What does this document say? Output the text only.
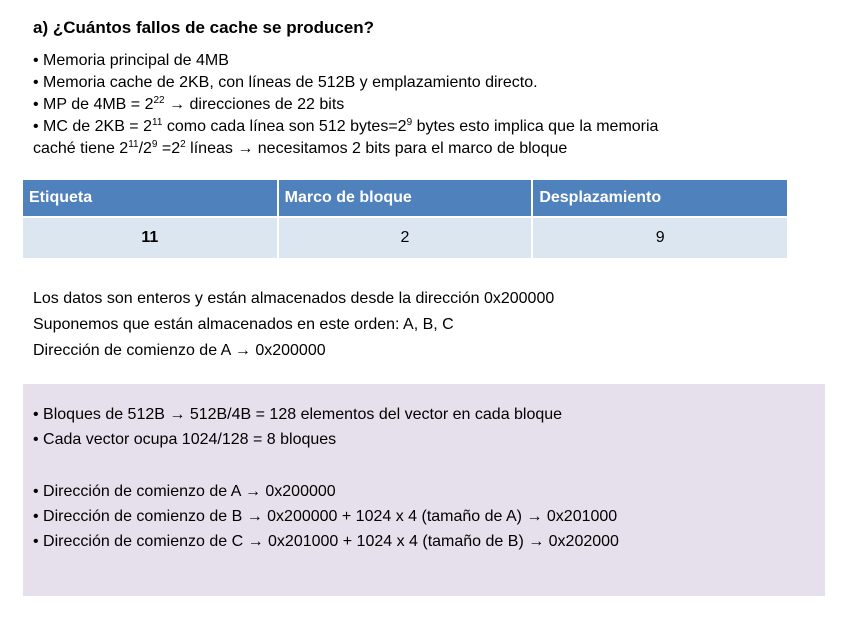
a) ¿Cuántos fallos de cache se producen?
• Memoria principal de 4MB
• Memoria cache de 2KB, con líneas de 512B y emplazamiento directo.
• MP de $4MB = 2^{22}$ → direcciones de 22 bits
• MC de $2KB = 2^{11}$ como cada línea son 512 $bytes=2^9$ bytes esto implica que la memoria
caché tiene $2^{11}/2^9 =2^2$ líneas → necesitamos 2 bits para el marco de bloque
Etiqueta	Marco de bloque	Desplazamiento
11	2	9
Los datos son enteros y están almacenados desde la dirección 0x200000
Suponemos que están almacenados en este orden: A, B, C
Dirección de comienzo de A → 0x200000
• Bloques de 512B → 512B/4B = 128 elementos del vector en cada bloque
• Cada vector ocupa 1024/128 = 8 bloques
• Dirección de comienzo de A → 0x200000
• Dirección de comienzo de B → 0x200000 + 1024 x 4 (tamaño de A) → 0x201000
• Dirección de comienzo de C → 0x201000 + 1024 x 4 (tamaño de B) → 0x202000
